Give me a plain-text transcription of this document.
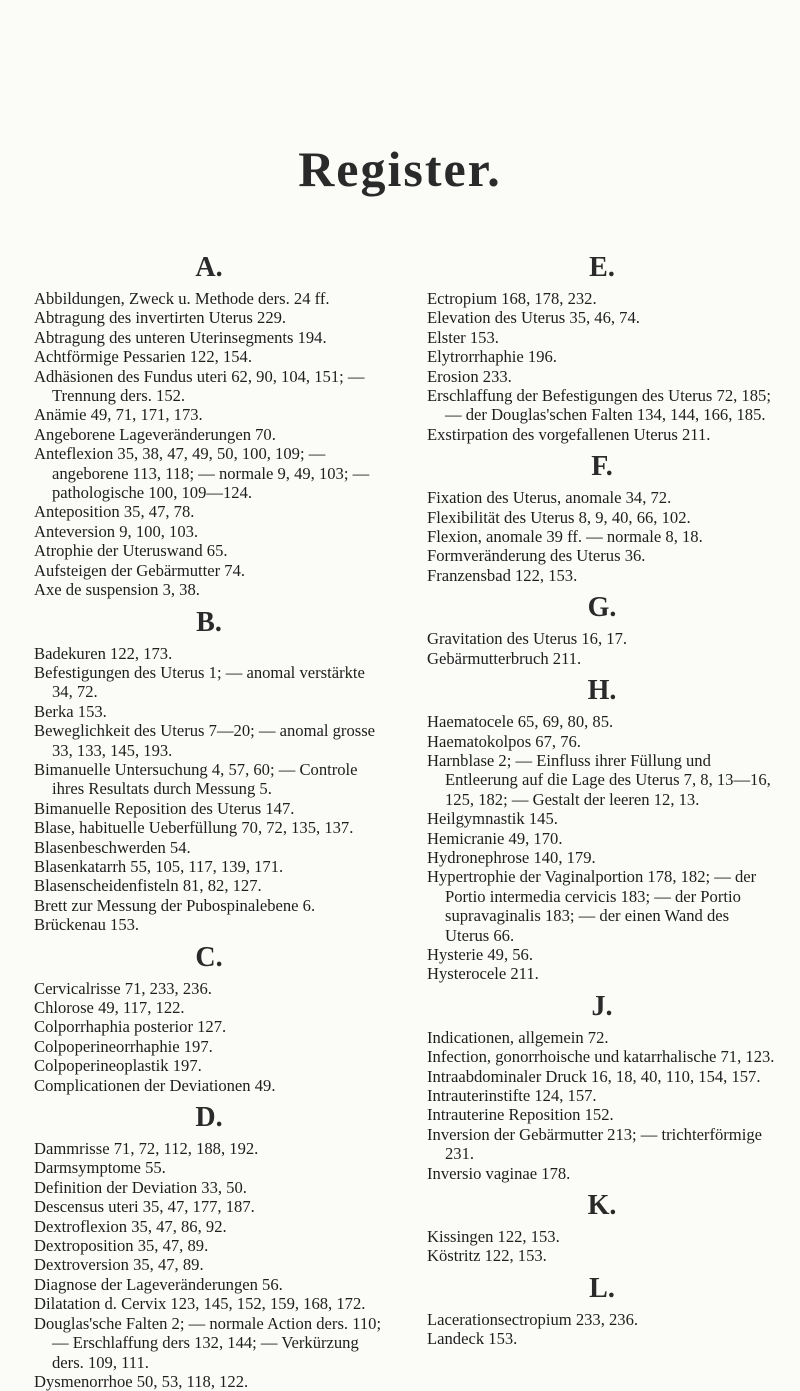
Register.
A.
Abbildungen, Zweck u. Methode ders. 24 ff.
Abtragung des invertirten Uterus 229.
Abtragung des unteren Uterinsegments 194.
Achtförmige Pessarien 122, 154.
Adhäsionen des Fundus uteri 62, 90, 104, 151; — Trennung ders. 152.
Anämie 49, 71, 171, 173.
Angeborene Lageveränderungen 70.
Anteflexion 35, 38, 47, 49, 50, 100, 109; — angeborene 113, 118; — normale 9, 49, 103; — pathologische 100, 109—124.
Anteposition 35, 47, 78.
Anteversion 9, 100, 103.
Atrophie der Uteruswand 65.
Aufsteigen der Gebärmutter 74.
Axe de suspension 3, 38.
B.
Badekuren 122, 173.
Befestigungen des Uterus 1; — anomal verstärkte 34, 72.
Berka 153.
Beweglichkeit des Uterus 7—20; — anomal grosse 33, 133, 145, 193.
Bimanuelle Untersuchung 4, 57, 60; — Controle ihres Resultats durch Messung 5.
Bimanuelle Reposition des Uterus 147.
Blase, habituelle Ueberfüllung 70, 72, 135, 137.
Blasenbeschwerden 54.
Blasenkatarrh 55, 105, 117, 139, 171.
Blasenscheidenfisteln 81, 82, 127.
Brett zur Messung der Pubospinalebene 6.
Brückenau 153.
C.
Cervicalrisse 71, 233, 236.
Chlorose 49, 117, 122.
Colporrhaphia posterior 127.
Colpoperineorrhaphie 197.
Colpoperineoplastik 197.
Complicationen der Deviationen 49.
D.
Dammrisse 71, 72, 112, 188, 192.
Darmsymptome 55.
Definition der Deviation 33, 50.
Descensus uteri 35, 47, 177, 187.
Dextroflexion 35, 47, 86, 92.
Dextroposition 35, 47, 89.
Dextroversion 35, 47, 89.
Diagnose der Lageveränderungen 56.
Dilatation d. Cervix 123, 145, 152, 159, 168, 172.
Douglas'sche Falten 2; — normale Action ders. 110; — Erschlaffung ders 132, 144; — Verkürzung ders. 109, 111.
Dysmenorrhoe 50, 53, 118, 122.
E.
Ectropium 168, 178, 232.
Elevation des Uterus 35, 46, 74.
Elster 153.
Elytrorrhaphie 196.
Erosion 233.
Erschlaffung der Befestigungen des Uterus 72, 185; — der Douglas'schen Falten 134, 144, 166, 185.
Exstirpation des vorgefallenen Uterus 211.
F.
Fixation des Uterus, anomale 34, 72.
Flexibilität des Uterus 8, 9, 40, 66, 102.
Flexion, anomale 39 ff. — normale 8, 18.
Formveränderung des Uterus 36.
Franzensbad 122, 153.
G.
Gravitation des Uterus 16, 17.
Gebärmutterbruch 211.
H.
Haematocele 65, 69, 80, 85.
Haematokolpos 67, 76.
Harnblase 2; — Einfluss ihrer Füllung und Entleerung auf die Lage des Uterus 7, 8, 13—16, 125, 182; — Gestalt der leeren 12, 13.
Heilgymnastik 145.
Hemicranie 49, 170.
Hydronephrose 140, 179.
Hypertrophie der Vaginalportion 178, 182; — der Portio intermedia cervicis 183; — der Portio supravaginalis 183; — der einen Wand des Uterus 66.
Hysterie 49, 56.
Hysterocele 211.
J.
Indicationen, allgemein 72.
Infection, gonorrhoische und katarrhalische 71, 123.
Intraabdominaler Druck 16, 18, 40, 110, 154, 157.
Intrauterinstifte 124, 157.
Intrauterine Reposition 152.
Inversion der Gebärmutter 213; — trichterförmige 231.
Inversio vaginae 178.
K.
Kissingen 122, 153.
Köstritz 122, 153.
L.
Lacerationsectropium 233, 236.
Landeck 153.
